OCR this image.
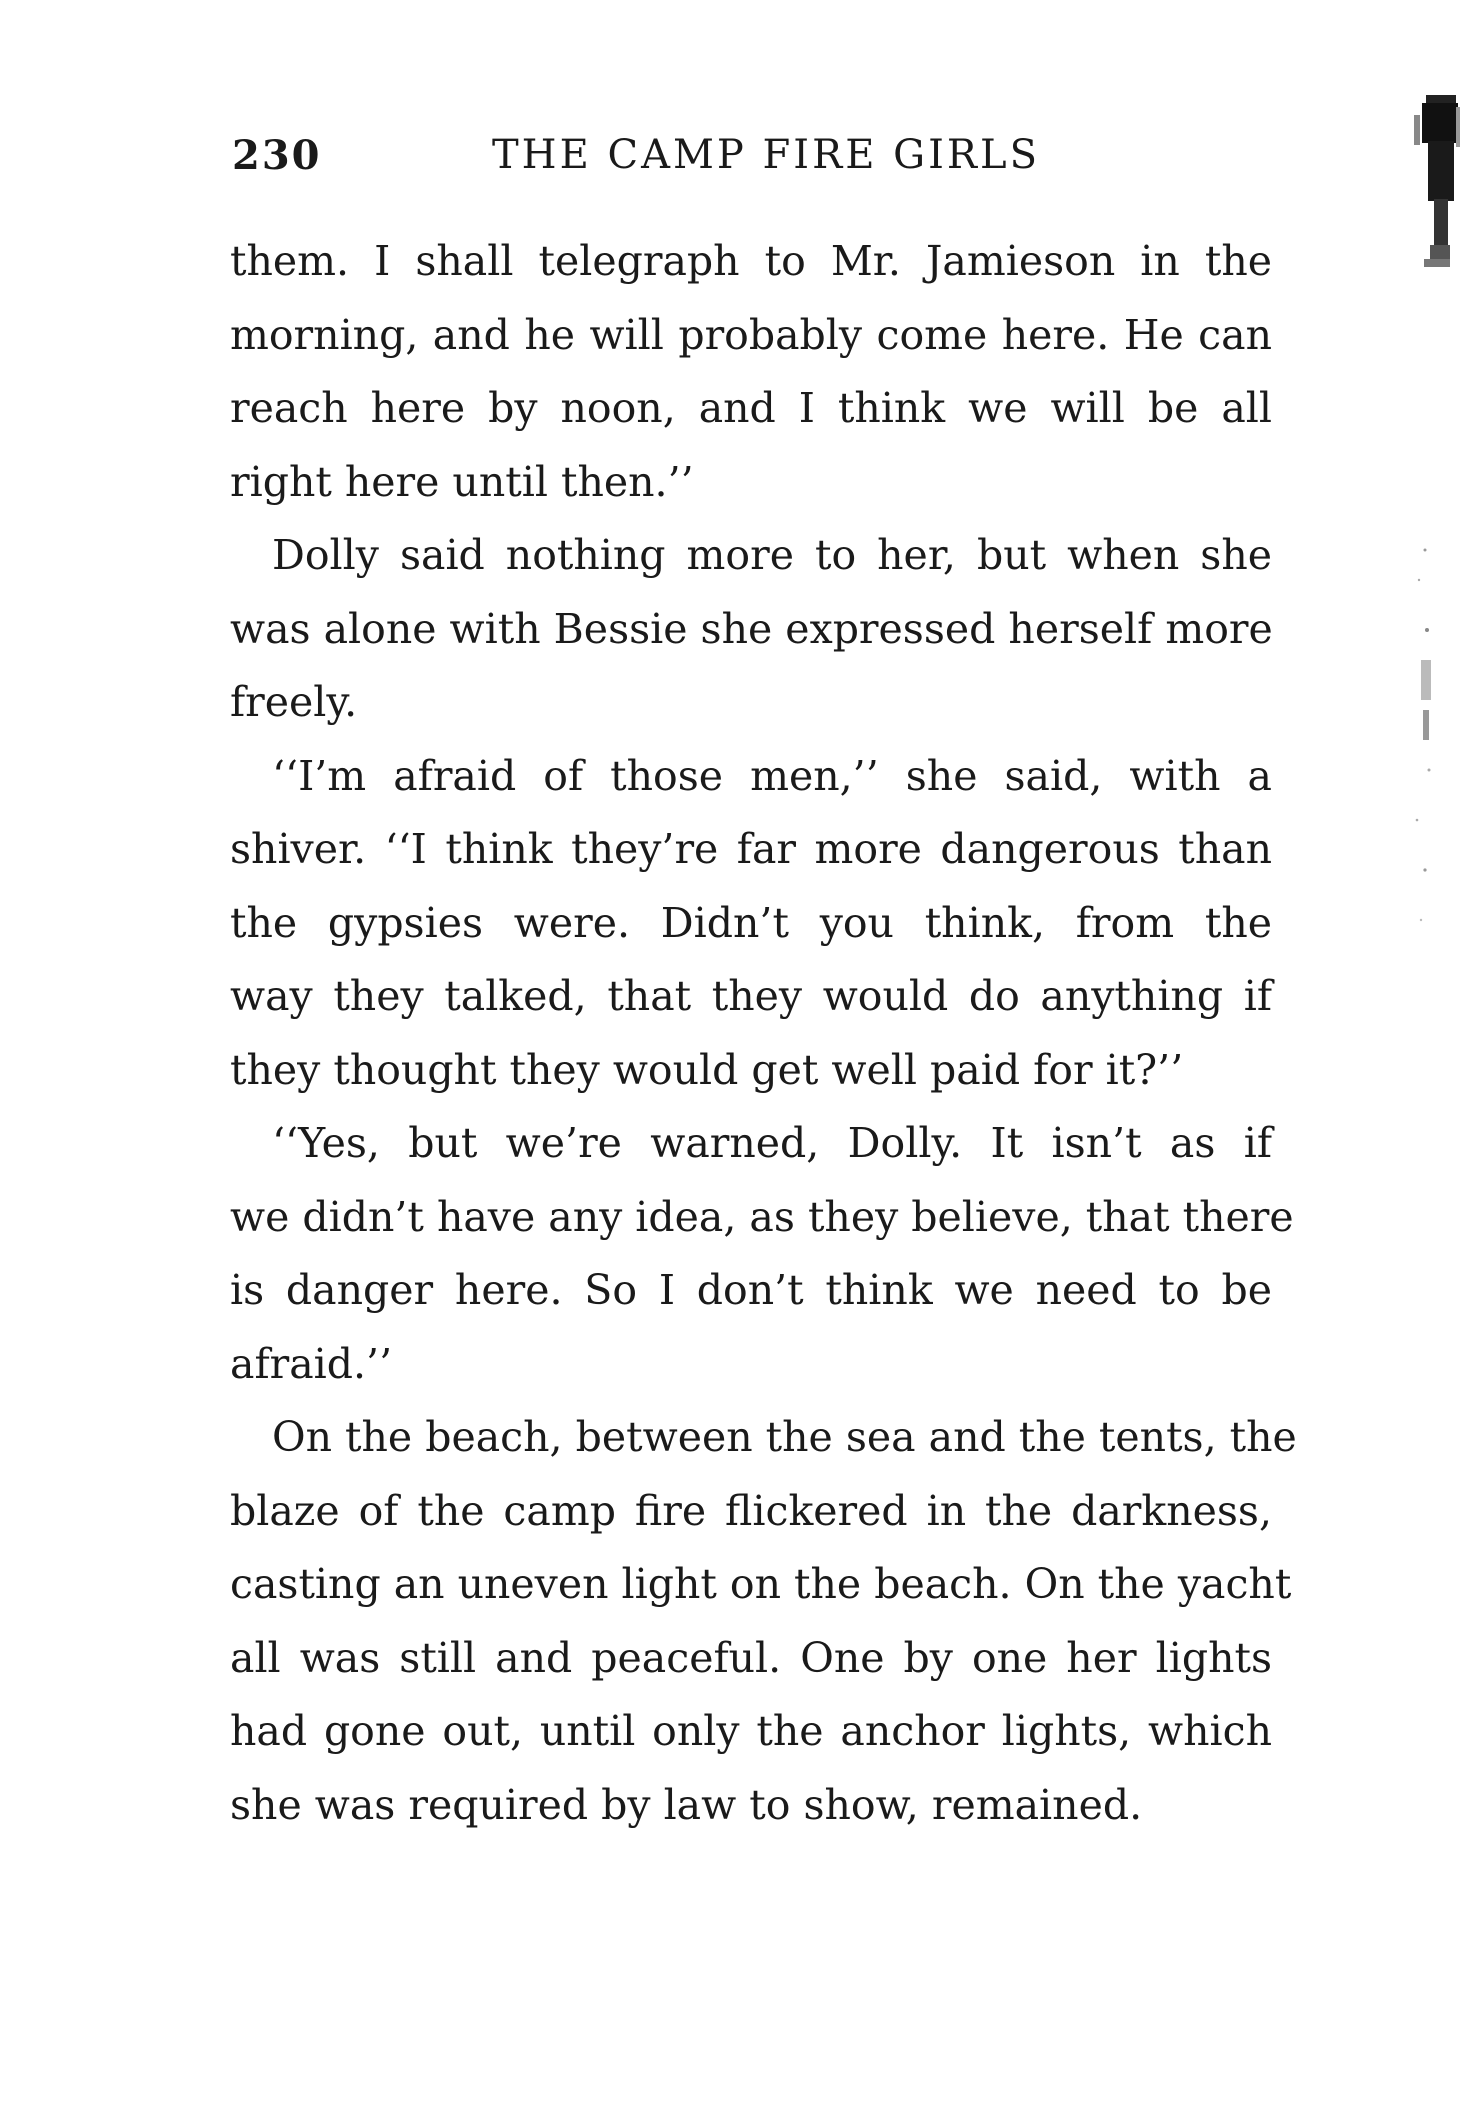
230	THE CAMP FIRE GIRLS
them. I shall telegraph to Mr. Jamieson in the
morning, and he will probably come here. He can
reach here by noon, and I think we will be all
right here until then.’’
Dolly said nothing more to her, but when she
was alone with Bessie she expressed herself more
freely.
‘‘I’m afraid of those men,’’ she said, with a
shiver. ‘‘I think they’re far more dangerous than
the gypsies were. Didn’t you think, from the
way they talked, that they would do anything if
they thought they would get well paid for it?’’
‘‘Yes, but we’re warned, Dolly. It isn’t as if
we didn’t have any idea, as they believe, that there
is danger here. So I don’t think we need to be
afraid.’’
On the beach, between the sea and the tents, the
blaze of the camp fire flickered in the darkness,
casting an uneven light on the beach. On the yacht
all was still and peaceful. One by one her lights
had gone out, until only the anchor lights, which
she was required by law to show, remained.
